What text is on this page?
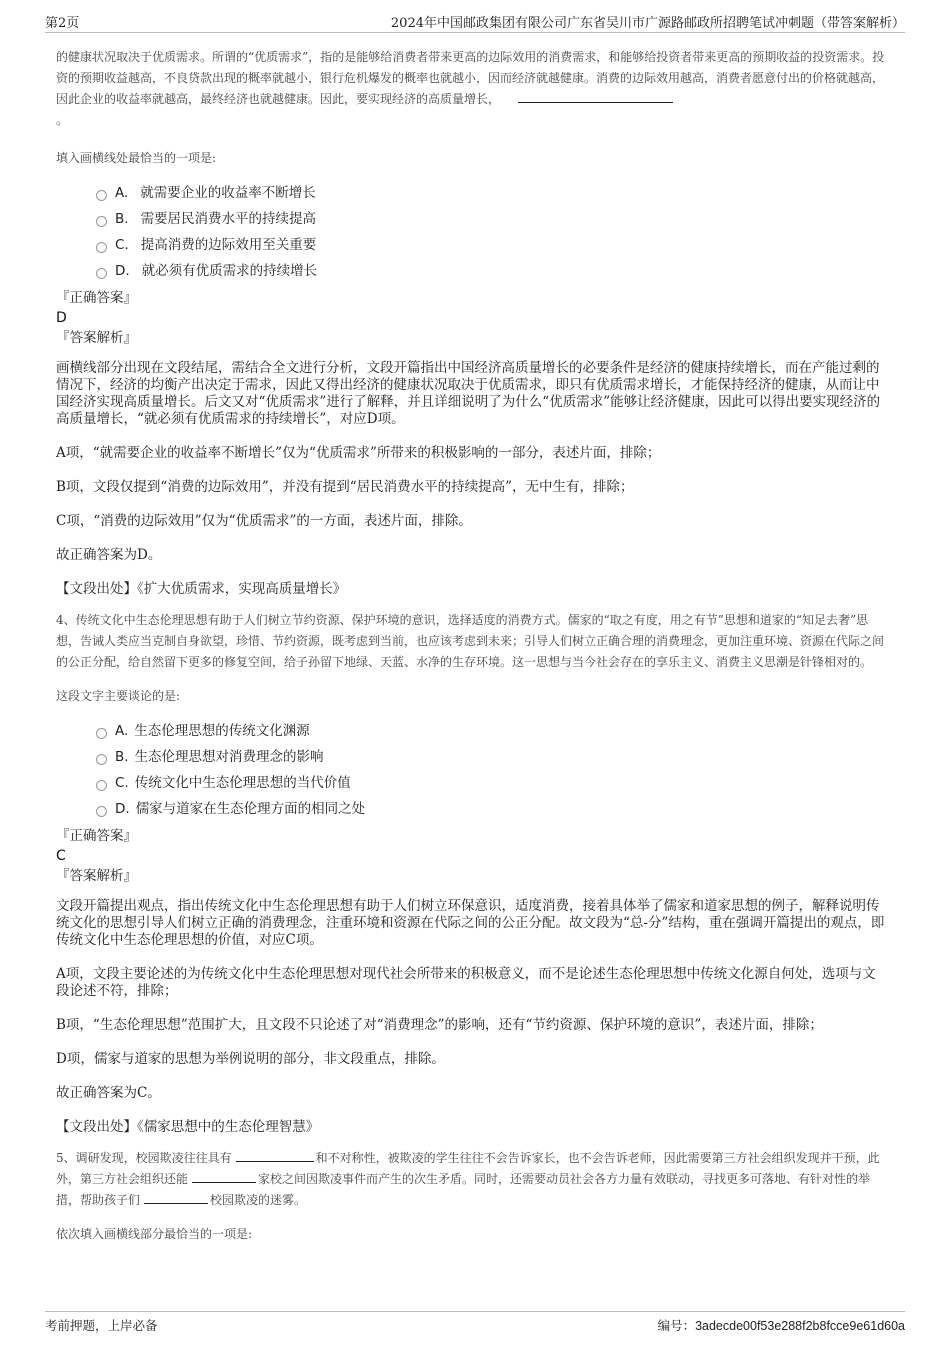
第2页	2024年中国邮政集团有限公司广东省吴川市广源路邮政所招聘笔试冲刺题（带答案解析）

的健康状况取决于优质需求。所谓的“优质需求”，指的是能够给消费者带来更高的边际效用的消费需求，和能够给投资者带来更高的预期收益的投资需求。投资的预期收益越高，不良贷款出现的概率就越小，银行危机爆发的概率也就越小，因而经济就越健康。消费的边际效用越高，消费者愿意付出的价格就越高，因此企业的收益率就越高，最终经济也就越健康。因此，要实现经济的高质量增长，
。

填入画横线处最恰当的一项是:

A. 就需要企业的收益率不断增长
B. 需要居民消费水平的持续提高
C. 提高消费的边际效用至关重要
D. 就必须有优质需求的持续增长

『正确答案』

D

『答案解析』

画横线部分出现在文段结尾，需结合全文进行分析，文段开篇指出中国经济高质量增长的必要条件是经济的健康持续增长，而在产能过剩的情况下，经济的均衡产出决定于需求，因此又得出经济的健康状况取决于优质需求，即只有优质需求增长，才能保持经济的健康，从而让中国经济实现高质量增长。后文又对“优质需求”进行了解释，并且详细说明了为什么“优质需求”能够让经济健康，因此可以得出要实现经济的高质量增长，“就必须有优质需求的持续增长”，对应D项。

A项，“就需要企业的收益率不断增长”仅为“优质需求”所带来的积极影响的一部分，表述片面，排除；

B项，文段仅提到“消费的边际效用”，并没有提到“居民消费水平的持续提高”，无中生有，排除；

C项，“消费的边际效用”仅为“优质需求”的一方面，表述片面，排除。

故正确答案为D。

【文段出处】《扩大优质需求，实现高质量增长》

4、传统文化中生态伦理思想有助于人们树立节约资源、保护环境的意识，选择适度的消费方式。儒家的“取之有度，用之有节”思想和道家的“知足去奢”思想，告诫人类应当克制自身欲望，珍惜、节约资源，既考虑到当前，也应该考虑到未来；引导人们树立正确合理的消费理念，更加注重环境、资源在代际之间的公正分配，给自然留下更多的修复空间，给子孙留下地绿、天蓝、水净的生存环境。这一思想与当今社会存在的享乐主义、消费主义思潮是针锋相对的。

这段文字主要谈论的是:

A. 生态伦理思想的传统文化渊源
B. 生态伦理思想对消费理念的影响
C. 传统文化中生态伦理思想的当代价值
D. 儒家与道家在生态伦理方面的相同之处

『正确答案』

C

『答案解析』

文段开篇提出观点，指出传统文化中生态伦理思想有助于人们树立环保意识，适度消费，接着具体举了儒家和道家思想的例子，解释说明传统文化的思想引导人们树立正确的消费理念，注重环境和资源在代际之间的公正分配。故文段为“总-分”结构，重在强调开篇提出的观点，即传统文化中生态伦理思想的价值，对应C项。

A项，文段主要论述的为传统文化中生态伦理思想对现代社会所带来的积极意义，而不是论述生态伦理思想中传统文化源自何处，选项与文段论述不符，排除；

B项，“生态伦理思想”范围扩大，且文段不只论述了对“消费理念”的影响，还有“节约资源、保护环境的意识”，表述片面，排除；

D项，儒家与道家的思想为举例说明的部分，非文段重点，排除。

故正确答案为C。

【文段出处】《儒家思想中的生态伦理智慧》

5、调研发现，校园欺凌往往具有	和不对称性，被欺凌的学生往往不会告诉家长，也不会告诉老师，因此需要第三方社会组织发现并干预，此外，第三方社会组织还能	家校之间因欺凌事件而产生的次生矛盾。同时，还需要动员社会各方力量有效联动，寻找更多可落地、有针对性的举措，帮助孩子们	校园欺凌的迷雾。

依次填入画横线部分最恰当的一项是:

考前押题，上岸必备	编号：3adecde00f53e288f2b8fcce9e61d60a
